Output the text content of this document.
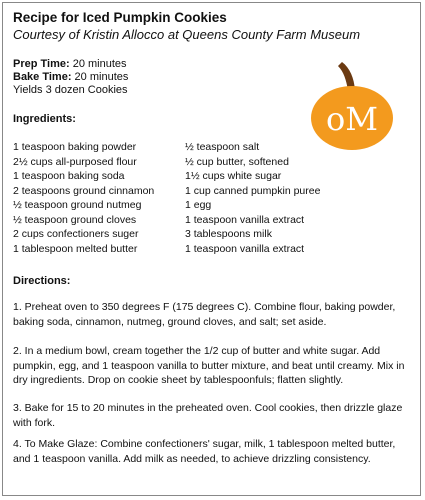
Recipe for Iced Pumpkin Cookies
Courtesy of Kristin Allocco at Queens County Farm Museum
Prep Time: 20 minutes
Bake Time: 20 minutes
Yields 3 dozen Cookies
oM
Ingredients:
1 teaspoon baking powder
2½ cups all-purposed flour
1 teaspoon baking soda
2 teaspoons ground cinnamon
½ teaspoon ground nutmeg
½ teaspoon ground cloves
2 cups confectioners suger
1 tablespoon melted butter
½ teaspoon salt
½ cup butter, softened
1½ cups white sugar
1 cup canned pumpkin puree
1 egg
1 teaspoon vanilla extract
3 tablespoons milk
1 teaspoon vanilla extract
Directions:
1. Preheat oven to 350 degrees F (175 degrees C). Combine flour, baking powder, baking soda, cinnamon, nutmeg, ground cloves, and salt; set aside.
2. In a medium bowl, cream together the 1/2 cup of butter and white sugar. Add pumpkin, egg, and 1 teaspoon vanilla to butter mixture, and beat until creamy. Mix in dry ingredients. Drop on cookie sheet by tablespoonfuls; flatten slightly.
3. Bake for 15 to 20 minutes in the preheated oven. Cool cookies, then drizzle glaze with fork.
4. To Make Glaze: Combine confectioners' sugar, milk, 1 tablespoon melted butter, and 1 teaspoon vanilla. Add milk as needed, to achieve drizzling consistency.
